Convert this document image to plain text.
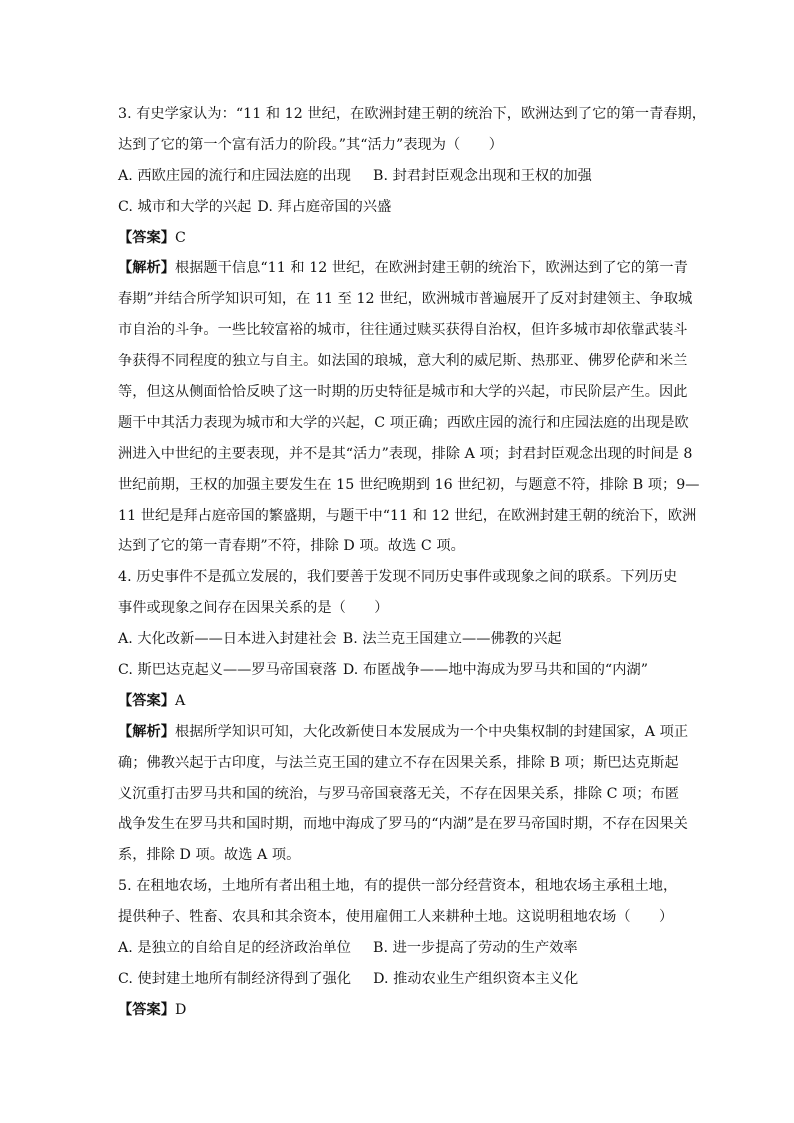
3. 有史学家认为：“11 和 12 世纪，在欧洲封建王朝的统治下，欧洲达到了它的第一青春期，
达到了它的第一个富有活力的阶段。”其“活力”表现为（　　）
A. 西欧庄园的流行和庄园法庭的出现 B. 封君封臣观念出现和王权的加强
C. 城市和大学的兴起 D. 拜占庭帝国的兴盛
【答案】C
【解析】根据题干信息“11 和 12 世纪，在欧洲封建王朝的统治下，欧洲达到了它的第一青
春期”并结合所学知识可知，在 11 至 12 世纪，欧洲城市普遍展开了反对封建领主、争取城
市自治的斗争。一些比较富裕的城市，往往通过赎买获得自治权，但许多城市却依靠武装斗
争获得不同程度的独立与自主。如法国的琅城，意大利的威尼斯、热那亚、佛罗伦萨和米兰
等，但这从侧面恰恰反映了这一时期的历史特征是城市和大学的兴起，市民阶层产生。因此
题干中其活力表现为城市和大学的兴起，C 项正确；西欧庄园的流行和庄园法庭的出现是欧
洲进入中世纪的主要表现，并不是其“活力”表现，排除 A 项；封君封臣观念出现的时间是 8
世纪前期，王权的加强主要发生在 15 世纪晚期到 16 世纪初，与题意不符，排除 B 项；9—
11 世纪是拜占庭帝国的繁盛期，与题干中“11 和 12 世纪，在欧洲封建王朝的统治下，欧洲
达到了它的第一青春期”不符，排除 D 项。故选 C 项。
4. 历史事件不是孤立发展的，我们要善于发现不同历史事件或现象之间的联系。下列历史
事件或现象之间存在因果关系的是（　　）
A. 大化改新——日本进入封建社会 B. 法兰克王国建立——佛教的兴起
C. 斯巴达克起义——罗马帝国衰落 D. 布匿战争——地中海成为罗马共和国的“内湖”
【答案】A
【解析】根据所学知识可知，大化改新使日本发展成为一个中央集权制的封建国家，A 项正
确；佛教兴起于古印度，与法兰克王国的建立不存在因果关系，排除 B 项；斯巴达克斯起
义沉重打击罗马共和国的统治，与罗马帝国衰落无关，不存在因果关系，排除 C 项；布匿
战争发生在罗马共和国时期，而地中海成了罗马的“内湖”是在罗马帝国时期，不存在因果关
系，排除 D 项。故选 A 项。
5. 在租地农场，土地所有者出租土地，有的提供一部分经营资本，租地农场主承租土地，
提供种子、牲畜、农具和其余资本，使用雇佣工人来耕种土地。这说明租地农场（　　）
A. 是独立的自给自足的经济政治单位 B. 进一步提高了劳动的生产效率
C. 使封建土地所有制经济得到了强化 D. 推动农业生产组织资本主义化
【答案】D
